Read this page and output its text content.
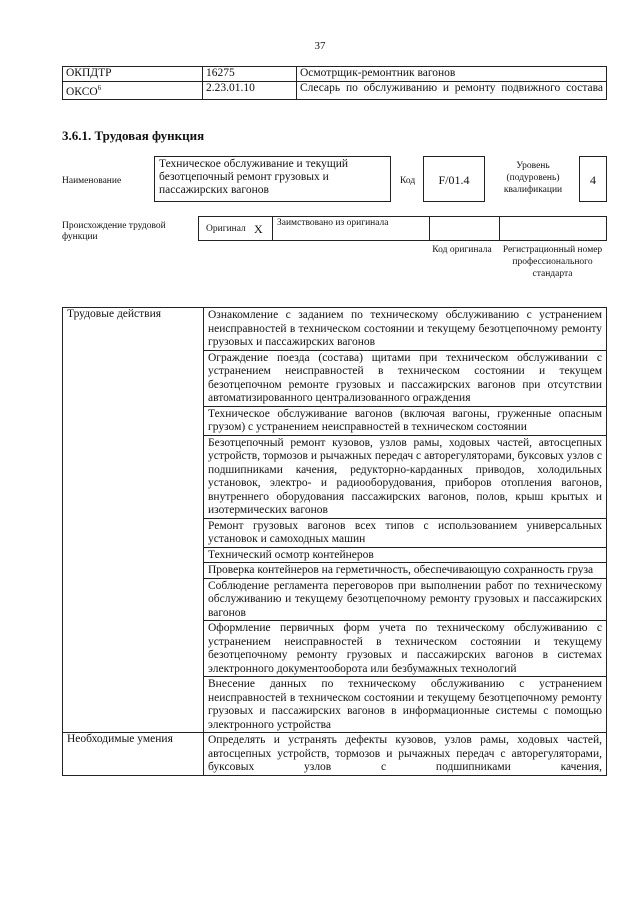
37
ОКПДТР	16275	Осмотрщик-ремонтник вагонов
ОКСО$^6$	2.23.01.10	Слесарь по обслуживанию и ремонту подвижного состава
3.6.1. Трудовая функция
Наименование
Техническое обслуживание и текущий безотцепочный ремонт грузовых и пассажирских вагонов
Код	F/01.4
Уровень (подуровень) квалификации
4
Происхождение трудовой функции
Оригинал X Заимствовано из оригинала
Код оригинала Регистрационный номер профессионального стандарта
Трудовые действия	Ознакомление с заданием по техническому обслуживанию с устранением неисправностей в техническом состоянии и текущему безотцепочному ремонту грузовых и пассажирских вагонов
	Ограждение поезда (состава) щитами при техническом обслуживании с устранением неисправностей в техническом состоянии и текущем безотцепочном ремонте грузовых и пассажирских вагонов при отсутствии автоматизированного централизованного ограждения
	Техническое обслуживание вагонов (включая вагоны, груженные опасным грузом) с устранением неисправностей в техническом состоянии
	Безотцепочный ремонт кузовов, узлов рамы, ходовых частей, автосцепных устройств, тормозов и рычажных передач с авторегуляторами, буксовых узлов с подшипниками качения, редукторно-карданных приводов, холодильных установок, электро- и радиооборудования, приборов отопления вагонов, внутреннего оборудования пассажирских вагонов, полов, крыш крытых и изотермических вагонов
	Ремонт грузовых вагонов всех типов с использованием универсальных установок и самоходных машин
	Технический осмотр контейнеров
	Проверка контейнеров на герметичность, обеспечивающую сохранность груза
	Соблюдение регламента переговоров при выполнении работ по техническому обслуживанию и текущему безотцепочному ремонту грузовых и пассажирских вагонов
	Оформление первичных форм учета по техническому обслуживанию с устранением неисправностей в техническом состоянии и текущему безотцепочному ремонту грузовых и пассажирских вагонов в системах электронного документооборота или безбумажных технологий
	Внесение данных по техническому обслуживанию с устранением неисправностей в техническом состоянии и текущему безотцепочному ремонту грузовых и пассажирских вагонов в информационные системы с помощью электронного устройства
Необходимые умения	Определять и устранять дефекты кузовов, узлов рамы, ходовых частей, автосцепных устройств, тормозов и рычажных передач с авторегуляторами, буксовых узлов с подшипниками качения,
